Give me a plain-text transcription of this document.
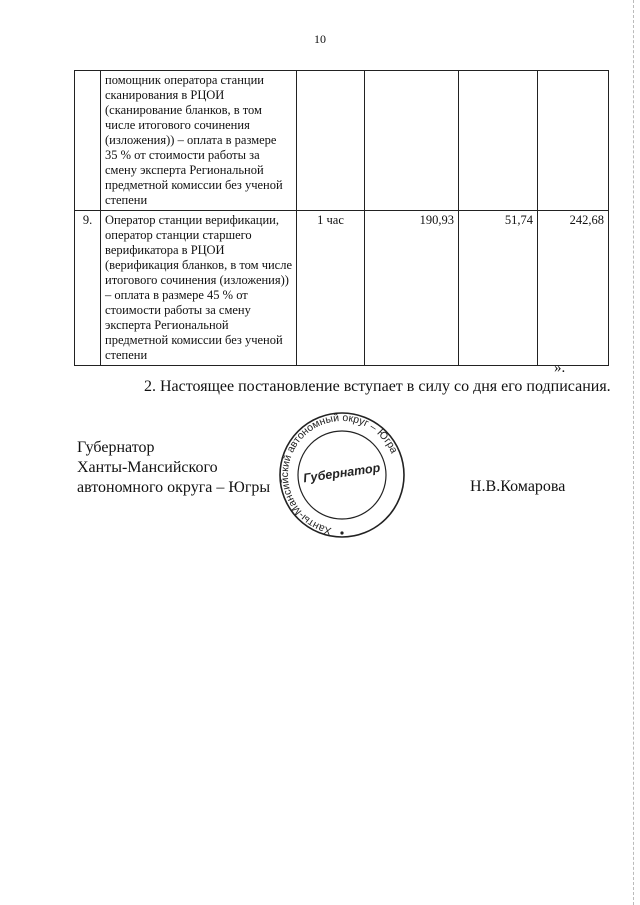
10
	помощник оператора станции сканирования в РЦОИ (сканирование бланков, в том числе итогового сочинения (изложения)) – оплата в размере 35 % от стоимости работы за смену эксперта Региональной предметной комиссии без ученой степени				
9.	Оператор станции верификации, оператор станции старшего верификатора в РЦОИ (верификация бланков, в том числе итогового сочинения (изложения)) – оплата в размере 45 % от стоимости работы за смену эксперта Региональной предметной комиссии без ученой степени	1 час	190,93	51,74	242,68
».
2. Настоящее постановление вступает в силу со дня его подписания.
Губернатор
Ханты-Мансийского
автономного округа – Югры
Ханты-Мансийский автономный округ – Югра
Губернатор
Н.В.Комарова
